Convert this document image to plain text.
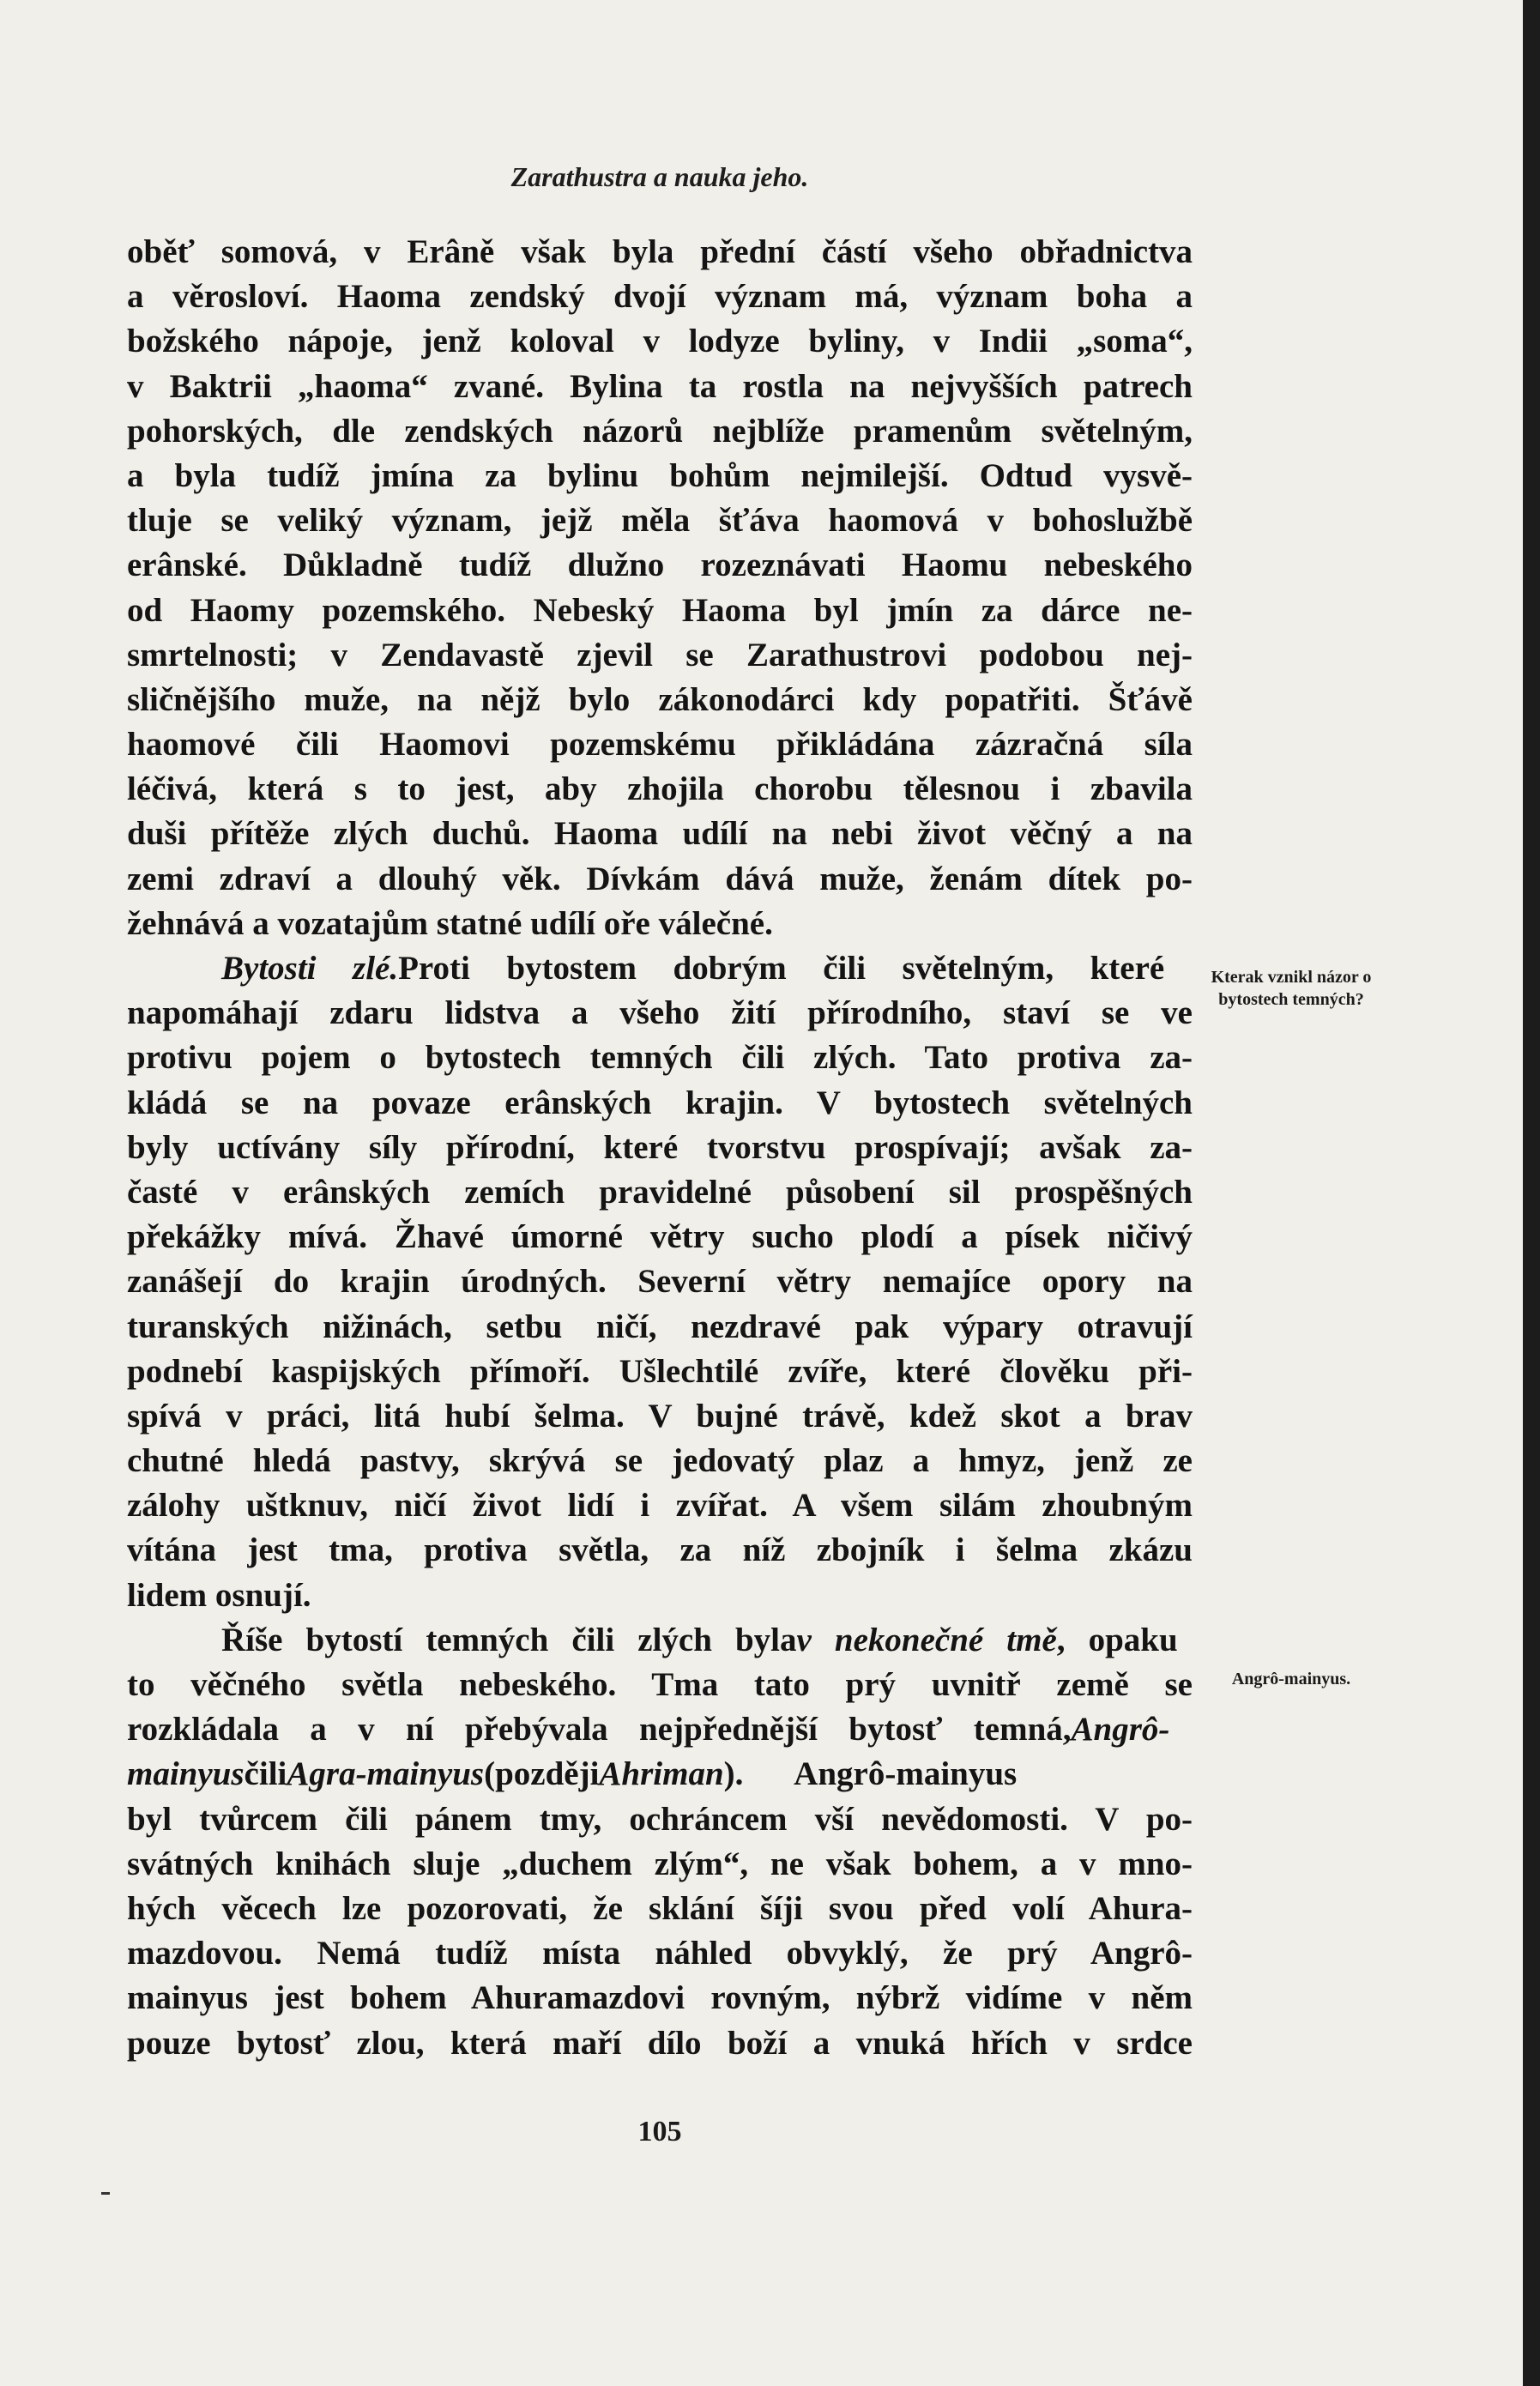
Zarathustra a nauka jeho.
oběť somová, v Erâně však byla přední částí všeho obřadnictva
a věrosloví. Haoma zendský dvojí význam má, význam boha a
božského nápoje, jenž koloval v lodyze byliny, v Indii „soma“,
v Baktrii „haoma“ zvané. Bylina ta rostla na nejvyšších patrech
pohorských, dle zendských názorů nejblíže pramenům světelným,
a byla tudíž jmína za bylinu bohům nejmilejší. Odtud vysvě-
tluje se veliký význam, jejž měla šťáva haomová v bohoslužbě
erânské. Důkladně tudíž dlužno rozeznávati Haomu nebeského
od Haomy pozemského. Nebeský Haoma byl jmín za dárce ne-
smrtelnosti; v Zendavastě zjevil se Zarathustrovi podobou nej-
sličnějšího muže, na nějž bylo zákonodárci kdy popatřiti. Šťávě
haomové čili Haomovi pozemskému přikládána zázračná síla
léčivá, která s to jest, aby zhojila chorobu tělesnou i zbavila
duši přítěže zlých duchů. Haoma udílí na nebi život věčný a na
zemi zdraví a dlouhý věk. Dívkám dává muže, ženám dítek po-
žehnává a vozatajům statné udílí oře válečné.
Bytosti zlé.Proti bytostem dobrým čili světelným, které
napomáhají zdaru lidstva a všeho žití přírodního, staví se ve
protivu pojem o bytostech temných čili zlých. Tato protiva za-
kládá se na povaze erânských krajin. V bytostech světelných
byly uctívány síly přírodní, které tvorstvu prospívají; avšak za-
časté v erânských zemích pravidelné působení sil prospěšných
překážky mívá. Žhavé úmorné větry sucho plodí a písek ničivý
zanášejí do krajin úrodných. Severní větry nemajíce opory na
turanských nižinách, setbu ničí, nezdravé pak výpary otravují
podnebí kaspijských přímoří. Ušlechtilé zvíře, které člověku při-
spívá v práci, litá hubí šelma. V bujné trávě, kdež skot a brav
chutné hledá pastvy, skrývá se jedovatý plaz a hmyz, jenž ze
zálohy uštknuv, ničí život lidí i zvířat. A všem silám zhoubným
vítána jest tma, protiva světla, za níž zbojník i šelma zkázu
lidem osnují.
Říše bytostí temných čili zlých bylav nekonečné tmě, opaku
to věčného světla nebeského. Tma tato prý uvnitř země se
rozkládala a v ní přebývala nejpřednější bytosť temná,Angrô-
mainyusčiliAgra-mainyus(pozdějiAhriman). Angrô-mainyus
byl tvůrcem čili pánem tmy, ochráncem vší nevědomosti. V po-
svátných knihách sluje „duchem zlým“, ne však bohem, a v mno-
hých věcech lze pozorovati, že sklání šíji svou před volí Ahura-
mazdovou. Nemá tudíž místa náhled obvyklý, že prý Angrô-
mainyus jest bohem Ahuramazdovi rovným, nýbrž vidíme v něm
pouze bytosť zlou, která maří dílo boží a vnuká hřích v srdce
Kterak vznikl názor o bytostech temných?
Angrô-mainyus.
105
